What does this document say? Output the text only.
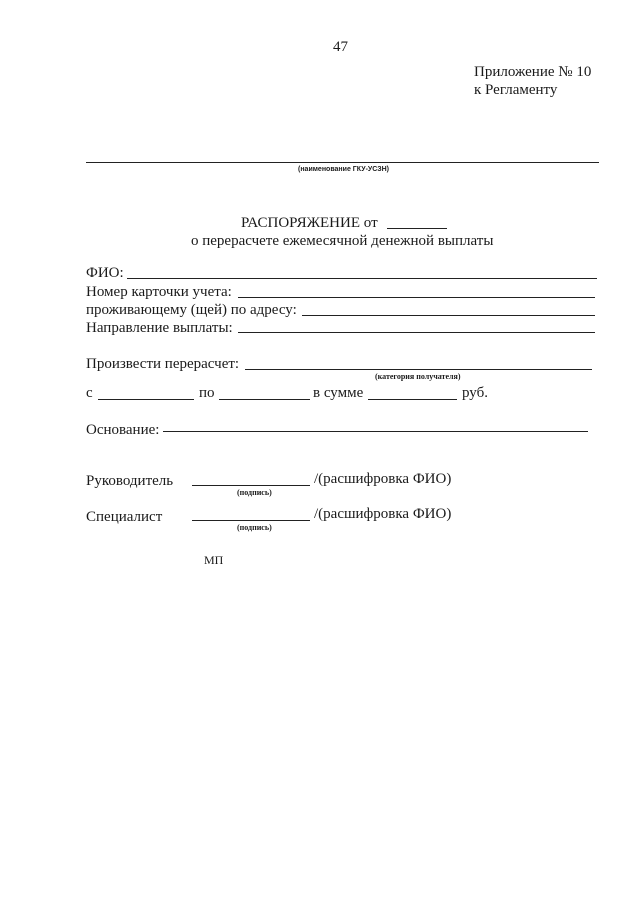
47
Приложение № 10
к Регламенту
(наименование ГКУ-УСЗН)
РАСПОРЯЖЕНИЕ от
о перерасчете ежемесячной денежной выплаты
ФИО:
Номер карточки учета:
проживающему (щей) по адресу:
Направление выплаты:
Произвести перерасчет:
(категория получателя)
с	по	в сумме	руб.
Основание:
Руководитель
(подпись)
/(расшифровка ФИО)
Специалист
(подпись)
/(расшифровка ФИО)
МП
